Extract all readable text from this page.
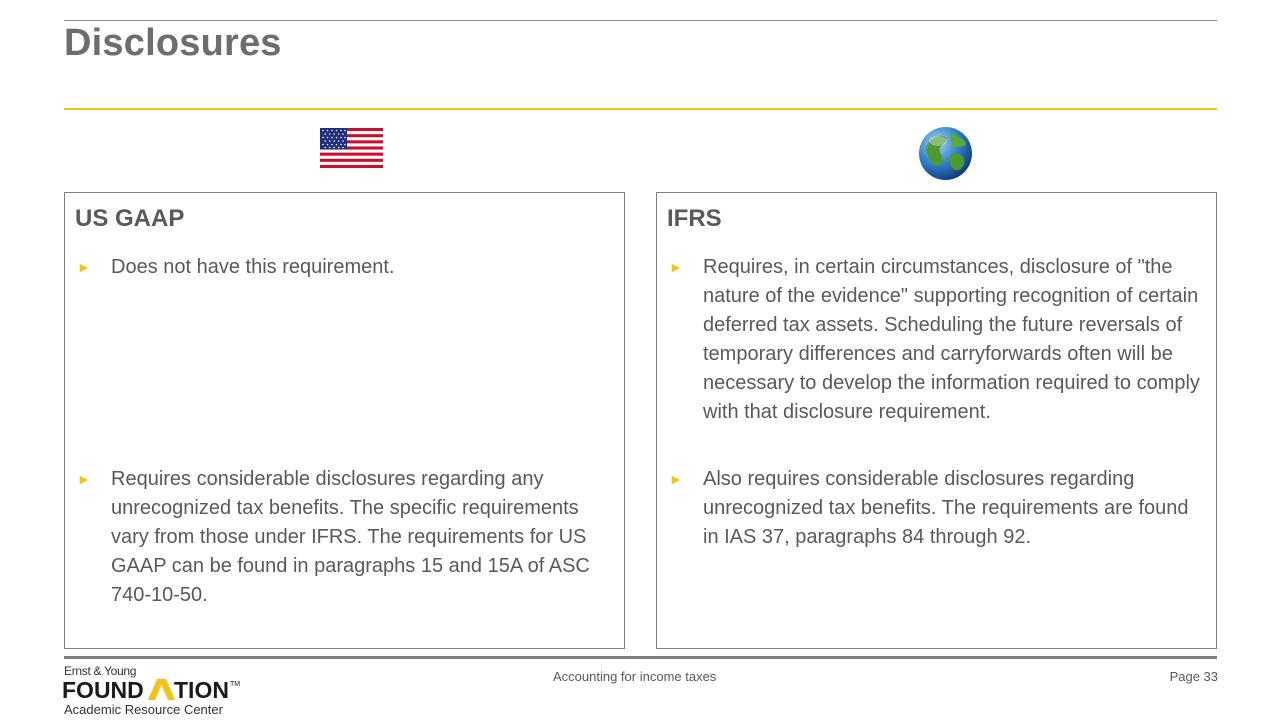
Disclosures
US GAAP
► Does not have this requirement.
► Requires considerable disclosures regarding any unrecognized tax benefits. The specific requirements vary from those under IFRS. The requirements for US GAAP can be found in paragraphs 15 and 15A of ASC 740-10-50.
IFRS
► Requires, in certain circumstances, disclosure of "the nature of the evidence" supporting recognition of certain deferred tax assets. Scheduling the future reversals of temporary differences and carryforwards often will be necessary to develop the information required to comply with that disclosure requirement.
► Also requires considerable disclosures regarding unrecognized tax benefits. The requirements are found in IAS 37, paragraphs 84 through 92.
Ernst & Young
FOUND TION TM
Academic Resource Center
Accounting for income taxes	Page 33
